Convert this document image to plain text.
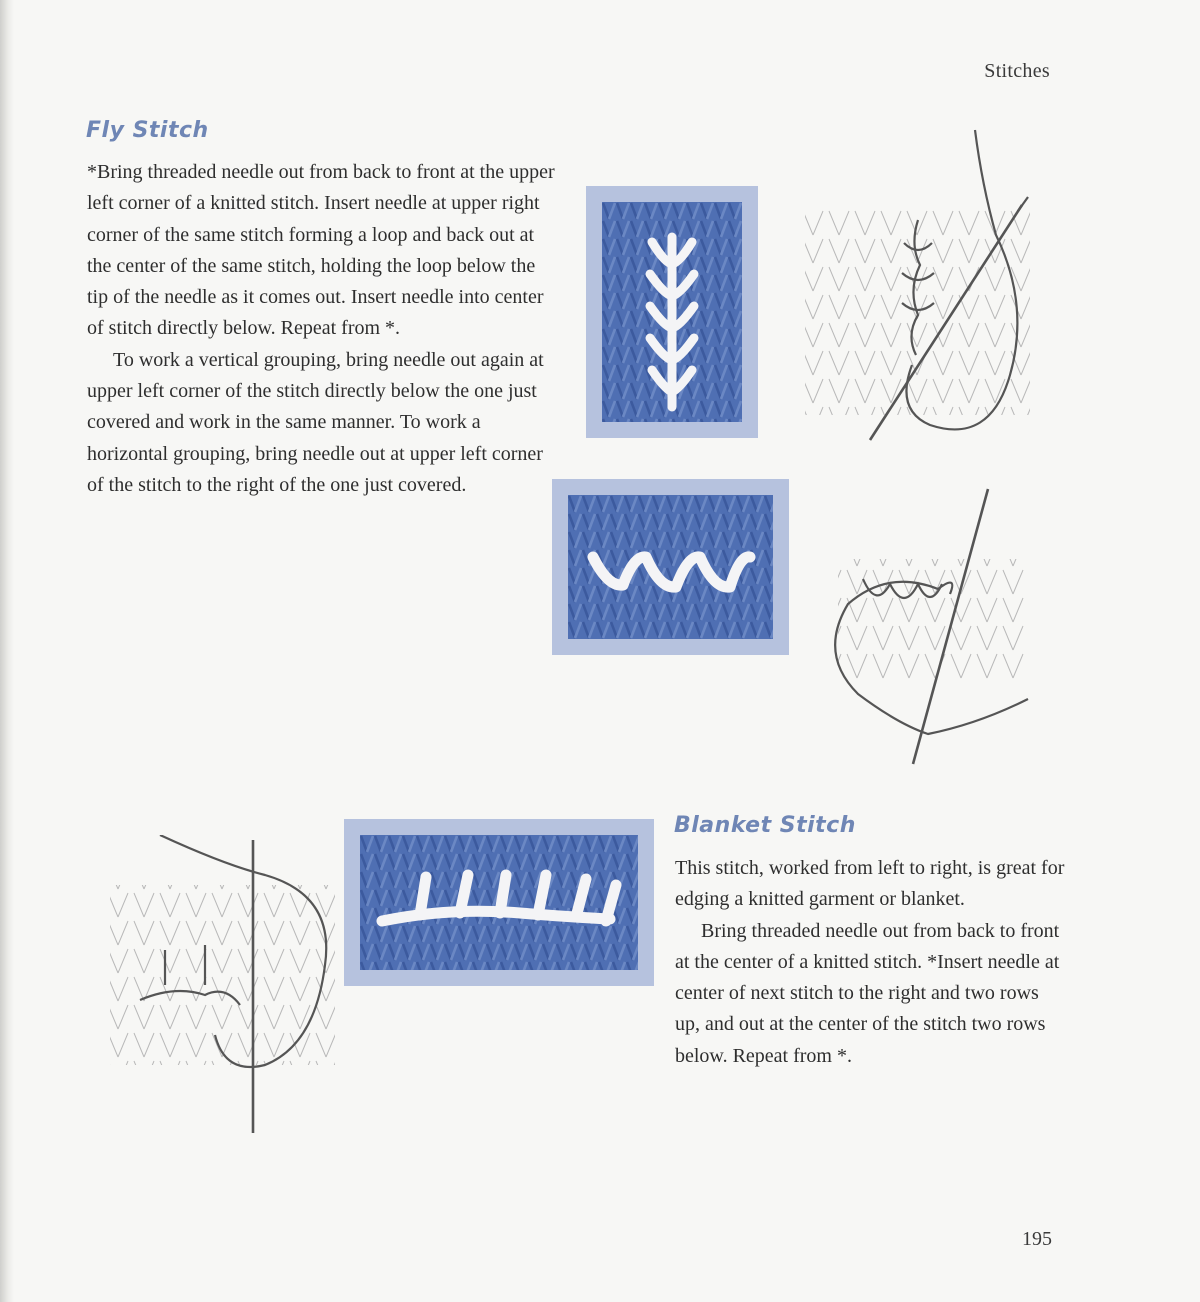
Stitches
Fly Stitch

*Bring threaded needle out from back to front at the upper left corner of a knitted stitch. Insert needle at upper right corner of the same stitch forming a loop and back out at the center of the same stitch, holding the loop below the tip of the needle as it comes out. Insert needle into center of stitch directly below. Repeat from *.

To work a vertical grouping, bring needle out again at upper left corner of the stitch directly below the one just covered and work in the same manner. To work a horizontal grouping, bring needle out at upper left corner of the stitch to the right of the one just covered.

Blanket Stitch

This stitch, worked from left to right, is great for edging a knitted garment or blanket.

Bring threaded needle out from back to front at the center of a knitted stitch. *Insert needle at center of next stitch to the right and two rows up, and out at the center of the stitch two rows below. Repeat from *.

195
